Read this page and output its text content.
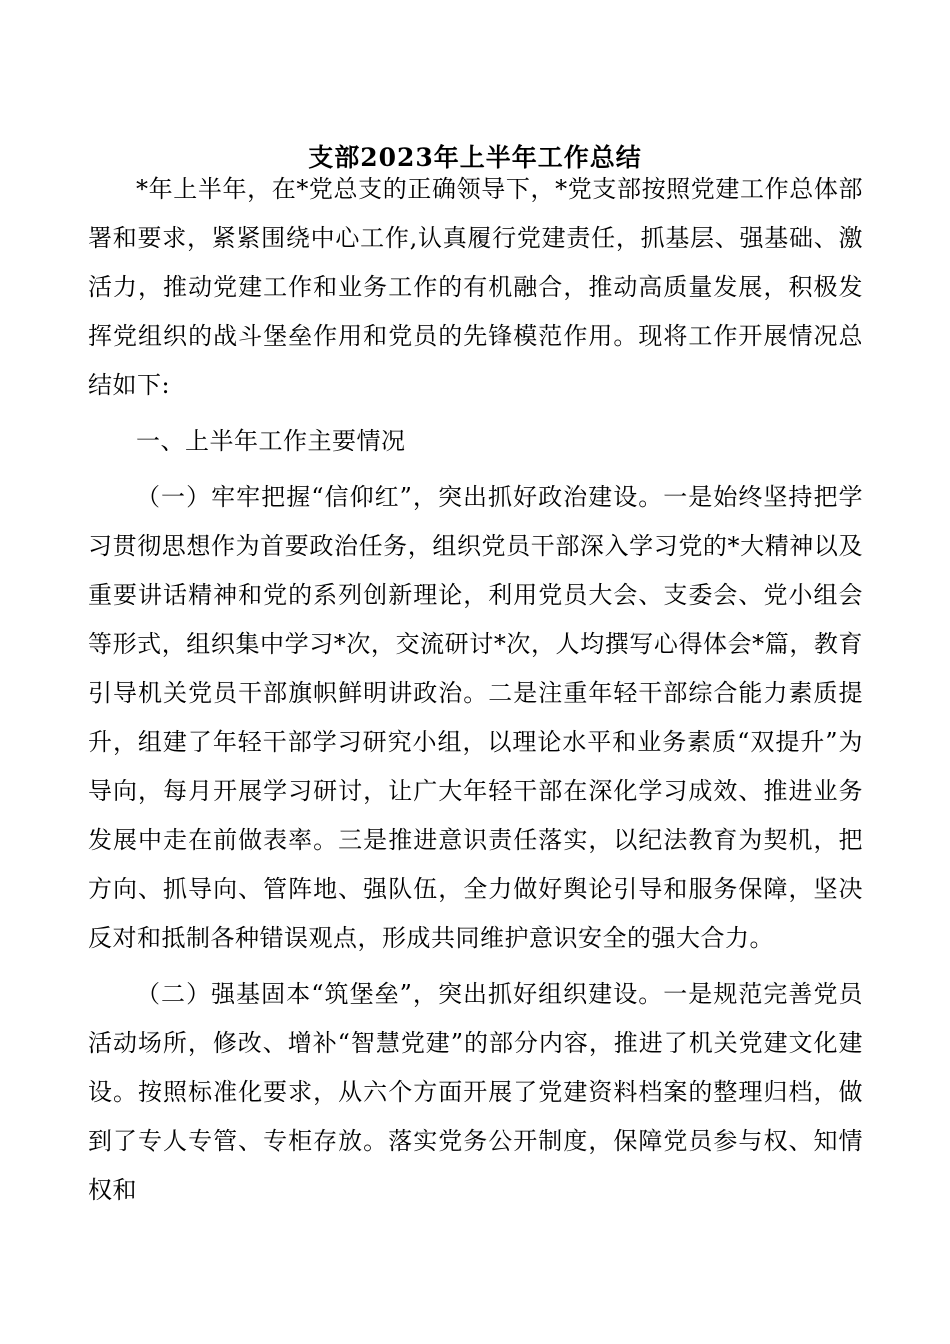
支部2023年上半年工作总结

*年上半年，在*党总支的正确领导下，*党支部按照党建工作总体部署和要求，紧紧围绕中心工作,认真履行党建责任，抓基层、强基础、激活力，推动党建工作和业务工作的有机融合，推动高质量发展，积极发挥党组织的战斗堡垒作用和党员的先锋模范作用。现将工作开展情况总结如下:

一、上半年工作主要情况

（一）牢牢把握“信仰红”，突出抓好政治建设。一是始终坚持把学习贯彻思想作为首要政治任务，组织党员干部深入学习党的*大精神以及重要讲话精神和党的系列创新理论，利用党员大会、支委会、党小组会等形式，组织集中学习*次，交流研讨*次，人均撰写心得体会*篇，教育引导机关党员干部旗帜鲜明讲政治。二是注重年轻干部综合能力素质提升，组建了年轻干部学习研究小组，以理论水平和业务素质“双提升”为导向，每月开展学习研讨，让广大年轻干部在深化学习成效、推进业务发展中走在前做表率。三是推进意识责任落实，以纪法教育为契机，把方向、抓导向、管阵地、强队伍，全力做好舆论引导和服务保障，坚决反对和抵制各种错误观点，形成共同维护意识安全的强大合力。

（二）强基固本“筑堡垒”，突出抓好组织建设。一是规范完善党员活动场所，修改、增补“智慧党建”的部分内容，推进了机关党建文化建设。按照标准化要求，从六个方面开展了党建资料档案的整理归档，做到了专人专管、专柜存放。落实党务公开制度，保障党员参与权、知情权和
